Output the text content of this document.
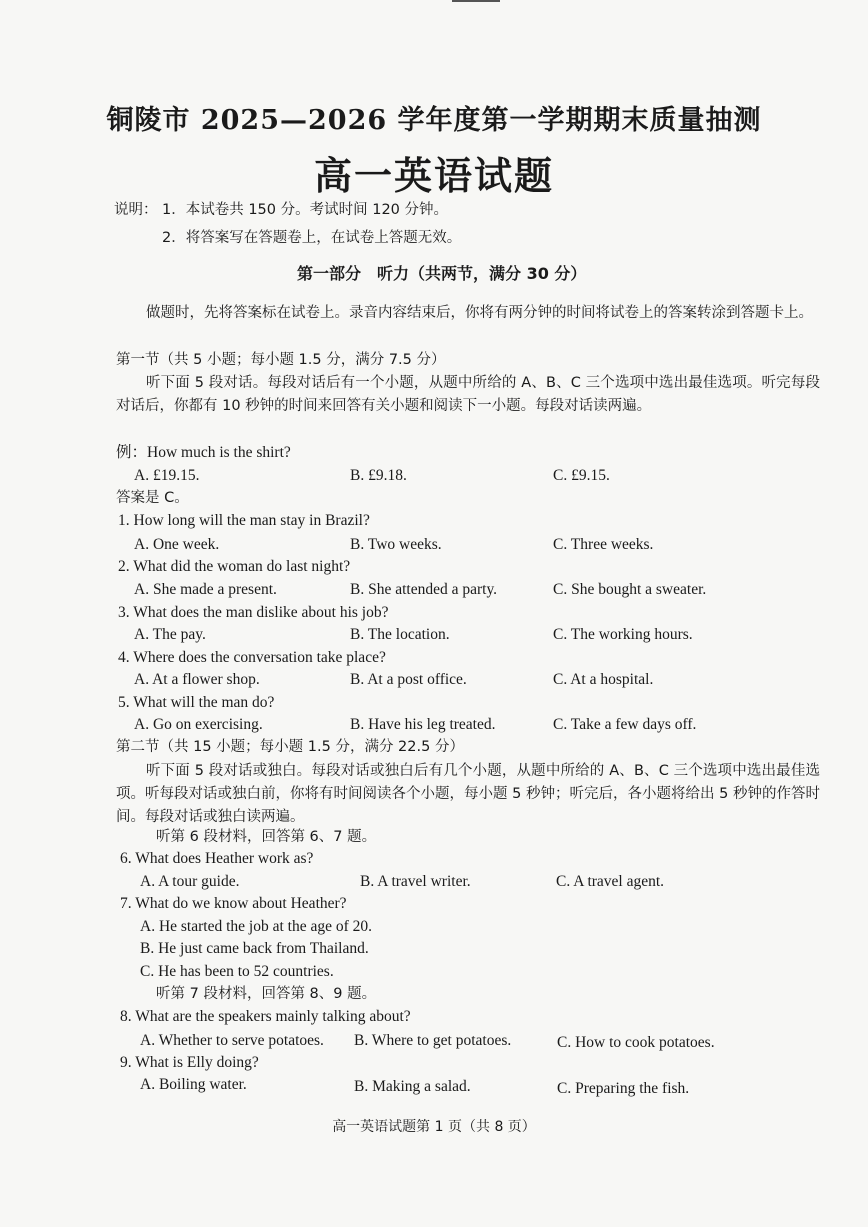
铜陵市 2025—2026 学年度第一学期期末质量抽测
高一英语试题
说明： 1．本试卷共 150 分。考试时间 120 分钟。
2．将答案写在答题卷上，在试卷上答题无效。
第一部分　听力（共两节，满分 30 分）
做题时，先将答案标在试卷上。录音内容结束后，你将有两分钟的时间将试卷上的答案转涂到答题卡上。
第一节（共 5 小题；每小题 1.5 分，满分 7.5 分）
听下面 5 段对话。每段对话后有一个小题，从题中所给的 A、B、C 三个选项中选出最佳选项。听完每段对话后，你都有 10 秒钟的时间来回答有关小题和阅读下一小题。每段对话读两遍。
例：How much is the shirt?
A. £19.15.	B. £9.18.	C. £9.15.
答案是 C。
1. How long will the man stay in Brazil?
A. One week.	B. Two weeks.	C. Three weeks.
2. What did the woman do last night?
A. She made a present.	B. She attended a party.	C. She bought a sweater.
3. What does the man dislike about his job?
A. The pay.	B. The location.	C. The working hours.
4. Where does the conversation take place?
A. At a flower shop.	B. At a post office.	C. At a hospital.
5. What will the man do?
A. Go on exercising.	B. Have his leg treated.	C. Take a few days off.
第二节（共 15 小题；每小题 1.5 分，满分 22.5 分）
听下面 5 段对话或独白。每段对话或独白后有几个小题，从题中所给的 A、B、C 三个选项中选出最佳选项。听每段对话或独白前，你将有时间阅读各个小题，每小题 5 秒钟；听完后，各小题将给出 5 秒钟的作答时间。每段对话或独白读两遍。
听第 6 段材料，回答第 6、7 题。
6. What does Heather work as?
A. A tour guide.	B. A travel writer.	C. A travel agent.
7. What do we know about Heather?
A. He started the job at the age of 20.
B. He just came back from Thailand.
C. He has been to 52 countries.
听第 7 段材料，回答第 8、9 题。
8. What are the speakers mainly talking about?
A. Whether to serve potatoes. B. Where to get potatoes.	C. How to cook potatoes.
9. What is Elly doing?
A. Boiling water.	B. Making a salad.	C. Preparing the fish.
高一英语试题第 1 页（共 8 页）
